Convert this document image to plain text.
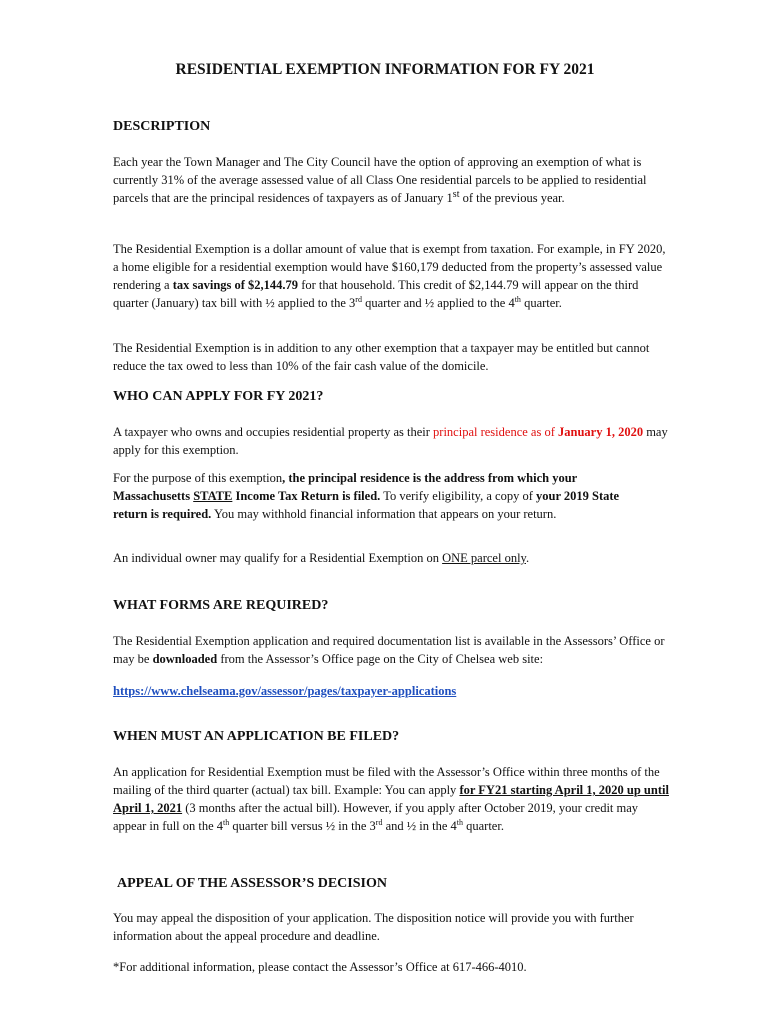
RESIDENTIAL EXEMPTION INFORMATION FOR FY 2021
DESCRIPTION

Each year the Town Manager and The City Council have the option of approving an exemption of what is currently 31% of the average assessed value of all Class One residential parcels to be applied to residential parcels that are the principal residences of taxpayers as of January 1st of the previous year.

The Residential Exemption is a dollar amount of value that is exempt from taxation. For example, in FY 2020, a home eligible for a residential exemption would have $160,179 deducted from the property’s assessed value rendering a tax savings of $2,144.79 for that household. This credit of $2,144.79 will appear on the third quarter (January) tax bill with ½ applied to the 3rd quarter and ½ applied to the 4th quarter.

The Residential Exemption is in addition to any other exemption that a taxpayer may be entitled but cannot reduce the tax owed to less than 10% of the fair cash value of the domicile.

WHO CAN APPLY FOR FY 2021?

A taxpayer who owns and occupies residential property as their principal residence as of January 1, 2020 may apply for this exemption.

For the purpose of this exemption, the principal residence is the address from which your Massachusetts STATE Income Tax Return is filed. To verify eligibility, a copy of your 2019 State return is required. You may withhold financial information that appears on your return.

An individual owner may qualify for a Residential Exemption on ONE parcel only.

WHAT FORMS ARE REQUIRED?

The Residential Exemption application and required documentation list is available in the Assessors’ Office or may be downloaded from the Assessor’s Office page on the City of Chelsea web site:

https://www.chelseama.gov/assessor/pages/taxpayer-applications
WHEN MUST AN APPLICATION BE FILED?

An application for Residential Exemption must be filed with the Assessor’s Office within three months of the mailing of the third quarter (actual) tax bill. Example: You can apply for FY21 starting April 1, 2020 up until April 1, 2021 (3 months after the actual bill). However, if you apply after October 2019, your credit may appear in full on the 4th quarter bill versus ½ in the 3rd and ½ in the 4th quarter.

APPEAL OF THE ASSESSOR’S DECISION

You may appeal the disposition of your application. The disposition notice will provide you with further information about the appeal procedure and deadline.

*For additional information, please contact the Assessor’s Office at 617-466-4010.
